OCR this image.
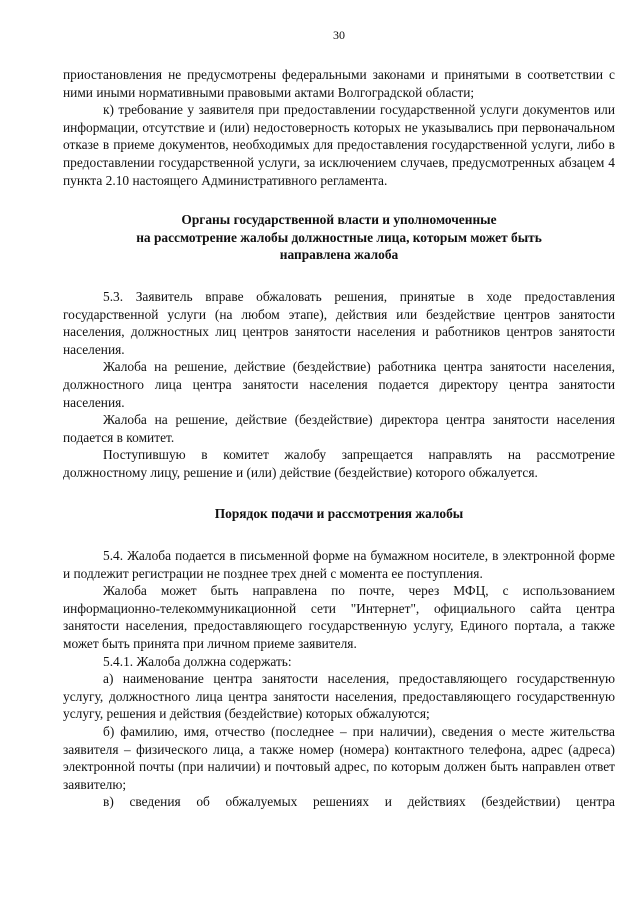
30

приостановления не предусмотрены федеральными законами и принятыми в соответствии с ними иными нормативными правовыми актами Волгоградской области;

к) требование у заявителя при предоставлении государственной услуги документов или информации, отсутствие и (или) недостоверность которых не указывались при первоначальном отказе в приеме документов, необходимых для предоставления государственной услуги, либо в предоставлении государственной услуги, за исключением случаев, предусмотренных абзацем 4 пункта 2.10 настоящего Административного регламента.

Органы государственной власти и уполномоченные
на рассмотрение жалобы должностные лица, которым может быть
направлена жалоба

5.3. Заявитель вправе обжаловать решения, принятые в ходе предоставления государственной услуги (на любом этапе), действия или бездействие центров занятости населения, должностных лиц центров занятости населения и работников центров занятости населения.

Жалоба на решение, действие (бездействие) работника центра занятости населения, должностного лица центра занятости населения подается директору центра занятости населения.

Жалоба на решение, действие (бездействие) директора центра занятости населения подается в комитет.

Поступившую в комитет жалобу запрещается направлять на рассмотрение должностному лицу, решение и (или) действие (бездействие) которого обжалуется.

Порядок подачи и рассмотрения жалобы

5.4. Жалоба подается в письменной форме на бумажном носителе, в электронной форме и подлежит регистрации не позднее трех дней с момента ее поступления.

Жалоба может быть направлена по почте, через МФЦ, с использованием информационно-телекоммуникационной сети "Интернет", официального сайта центра занятости населения, предоставляющего государственную услугу, Единого портала, а также может быть принята при личном приеме заявителя.

5.4.1. Жалоба должна содержать:

а) наименование центра занятости населения, предоставляющего государственную услугу, должностного лица центра занятости населения, предоставляющего государственную услугу, решения и действия (бездействие) которых обжалуются;

б) фамилию, имя, отчество (последнее – при наличии), сведения о месте жительства заявителя – физического лица, а также номер (номера) контактного телефона, адрес (адреса) электронной почты (при наличии) и почтовый адрес, по которым должен быть направлен ответ заявителю;

в) сведения об обжалуемых решениях и действиях (бездействии) центра
